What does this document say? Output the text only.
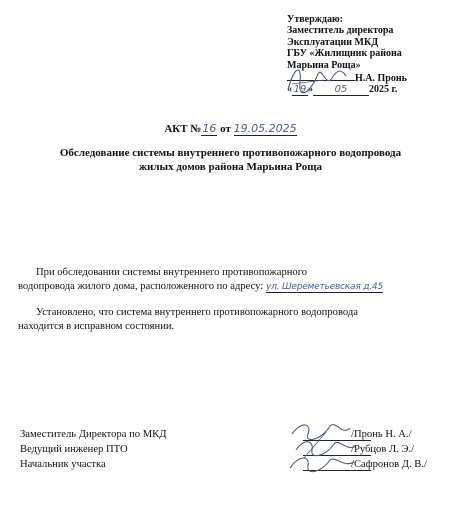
Утверждаю:
Заместитель директора
Эксплуатации МКД
ГБУ «Жилищник района
Марьина Роща»
Н.А. Пронь
« 19 » 05 2025 г.
АКТ №16 от 19.05.2025
Обследование системы внутреннего противопожарного водопровода
жилых домов района Марьина Роща
При обследовании системы внутреннего противопожарного
водопровода жилого дома, расположенного по адресу: ул. Шереметьевская д.45
Установлено, что система внутреннего противопожарного водопровода
находится в исправном состоянии.
Заместитель Директора по МКД	/Пронь Н. А./
Ведущий инженер ПТО	/Рубцов Л. Э./
Начальник участка	/Сафронов Д. В./
